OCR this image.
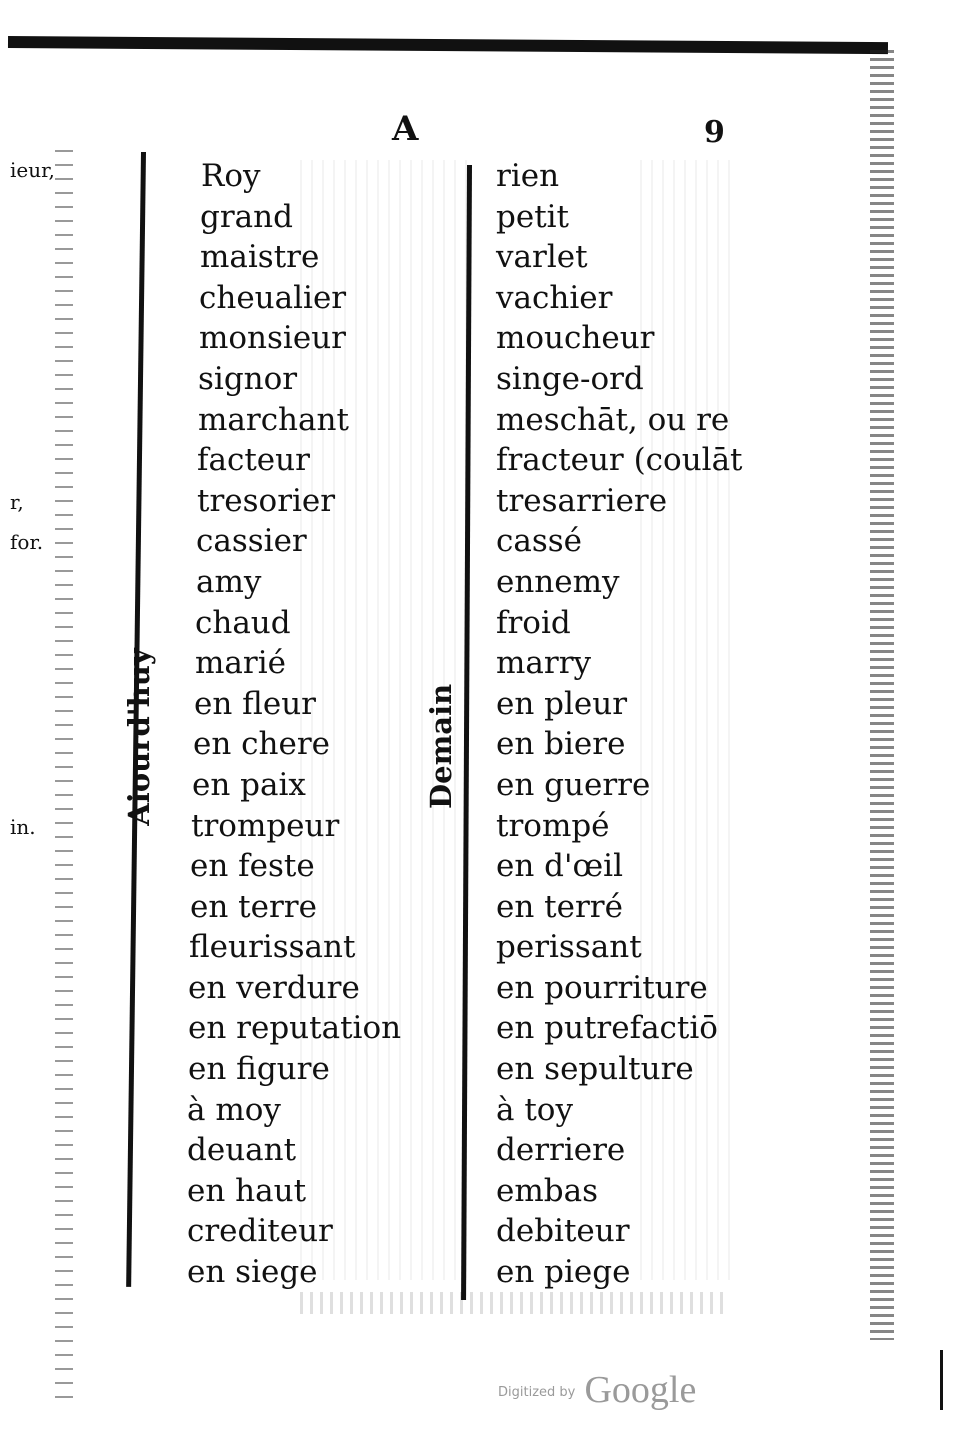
A	9
ieur,
r,
for.
in.
Aiourd'huy	Demain
Roy
grand
maistre
cheualier
monsieur
signor
marchant
facteur
tresorier
cassier
amy
chaud
marié
en fleur
en chere
en paix
trompeur
en feste
en terre
fleurissant
en verdure
en reputation
en figure
à moy
deuant
en haut
crediteur
en siege
rien
petit
varlet
vachier
moucheur
singe-ord
meschāt, ou re
fracteur (coulāt
tresarriere
cassé
ennemy
froid
marry
en pleur
en biere
en guerre
trompé
en d'œil
en terré
perissant
en pourriture
en putrefactiō
en sepulture
à toy
derriere
embas
debiteur
en piege
$^{Digitized by}$ Google
